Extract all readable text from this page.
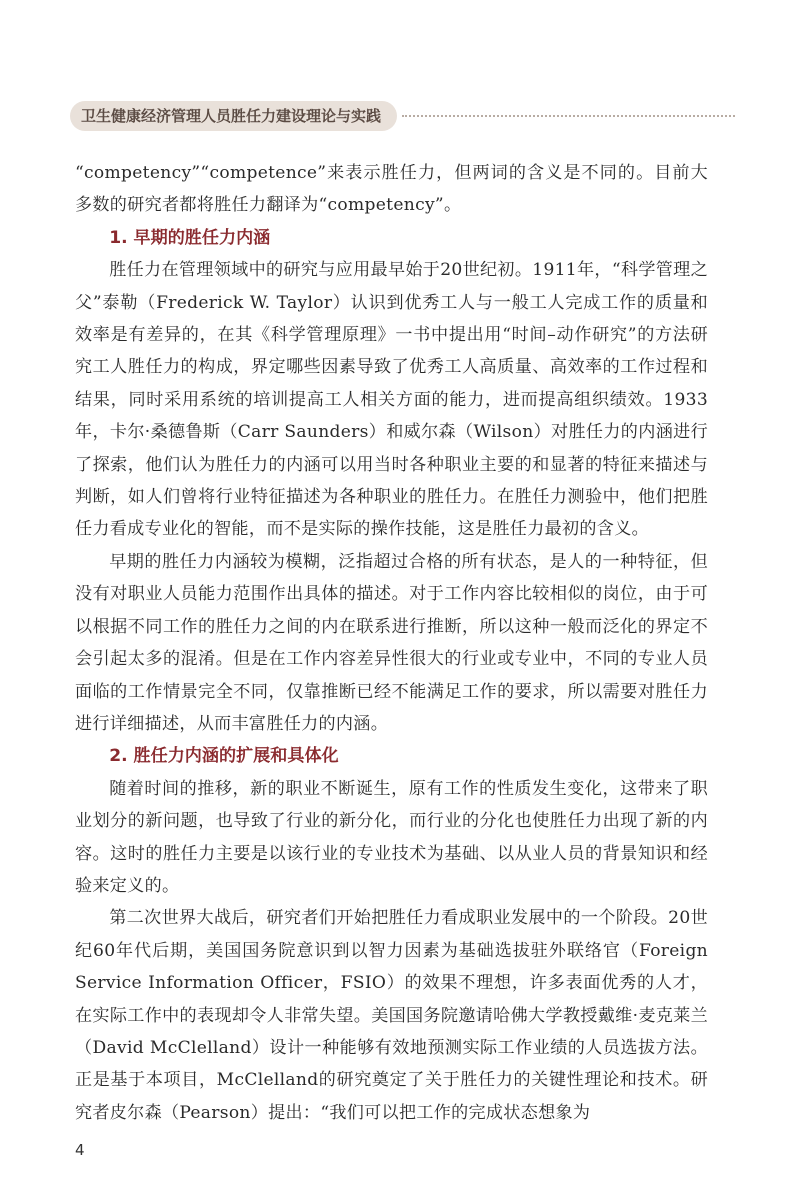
卫生健康经济管理人员胜任力建设理论与实践

“competency”“competence”来表示胜任力，但两词的含义是不同的。目前大多数的研究者都将胜任力翻译为“competency”。

1. 早期的胜任力内涵

胜任力在管理领域中的研究与应用最早始于20世纪初。1911年，“科学管理之父”泰勒（Frederick W. Taylor）认识到优秀工人与一般工人完成工作的质量和效率是有差异的，在其《科学管理原理》一书中提出用“时间–动作研究”的方法研究工人胜任力的构成，界定哪些因素导致了优秀工人高质量、高效率的工作过程和结果，同时采用系统的培训提高工人相关方面的能力，进而提高组织绩效。1933年，卡尔·桑德鲁斯（Carr Saunders）和威尔森（Wilson）对胜任力的内涵进行了探索，他们认为胜任力的内涵可以用当时各种职业主要的和显著的特征来描述与判断，如人们曾将行业特征描述为各种职业的胜任力。在胜任力测验中，他们把胜任力看成专业化的智能，而不是实际的操作技能，这是胜任力最初的含义。

早期的胜任力内涵较为模糊，泛指超过合格的所有状态，是人的一种特征，但没有对职业人员能力范围作出具体的描述。对于工作内容比较相似的岗位，由于可以根据不同工作的胜任力之间的内在联系进行推断，所以这种一般而泛化的界定不会引起太多的混淆。但是在工作内容差异性很大的行业或专业中，不同的专业人员面临的工作情景完全不同，仅靠推断已经不能满足工作的要求，所以需要对胜任力进行详细描述，从而丰富胜任力的内涵。

2. 胜任力内涵的扩展和具体化

随着时间的推移，新的职业不断诞生，原有工作的性质发生变化，这带来了职业划分的新问题，也导致了行业的新分化，而行业的分化也使胜任力出现了新的内容。这时的胜任力主要是以该行业的专业技术为基础、以从业人员的背景知识和经验来定义的。

第二次世界大战后，研究者们开始把胜任力看成职业发展中的一个阶段。20世纪60年代后期，美国国务院意识到以智力因素为基础选拔驻外联络官（Foreign Service Information Officer，FSIO）的效果不理想，许多表面优秀的人才，在实际工作中的表现却令人非常失望。美国国务院邀请哈佛大学教授戴维·麦克莱兰（David McClelland）设计一种能够有效地预测实际工作业绩的人员选拔方法。正是基于本项目，McClelland的研究奠定了关于胜任力的关键性理论和技术。研究者皮尔森（Pearson）提出：“我们可以把工作的完成状态想象为

4
